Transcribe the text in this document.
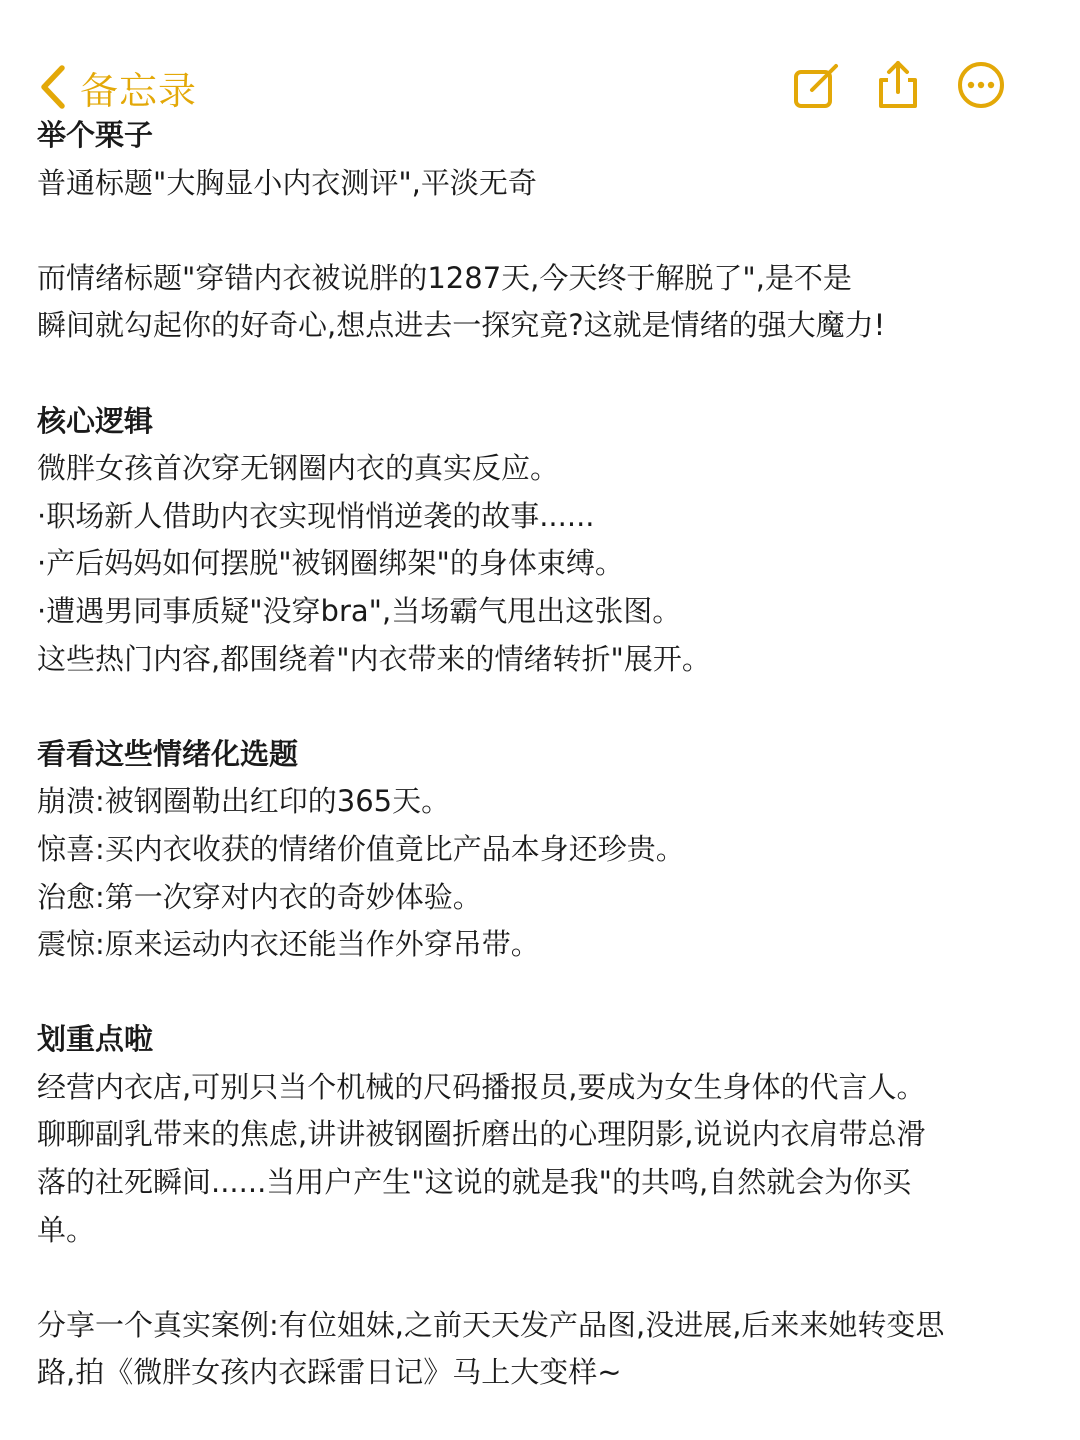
备忘录

举个栗子

普通标题"大胸显小内衣测评",平淡无奇

而情绪标题"穿错内衣被说胖的1287天,今天终于解脱了",是不是

瞬间就勾起你的好奇心,想点进去一探究竟?这就是情绪的强大魔力!

核心逻辑

微胖女孩首次穿无钢圈内衣的真实反应。

·职场新人借助内衣实现悄悄逆袭的故事......

·产后妈妈如何摆脱"被钢圈绑架"的身体束缚。

·遭遇男同事质疑"没穿bra",当场霸气甩出这张图。

这些热门内容,都围绕着"内衣带来的情绪转折"展开。

看看这些情绪化选题

崩溃:被钢圈勒出红印的365天。

惊喜:买内衣收获的情绪价值竟比产品本身还珍贵。

治愈:第一次穿对内衣的奇妙体验。

震惊:原来运动内衣还能当作外穿吊带。

划重点啦

经营内衣店,可别只当个机械的尺码播报员,要成为女生身体的代言人。

聊聊副乳带来的焦虑,讲讲被钢圈折磨出的心理阴影,说说内衣肩带总滑

落的社死瞬间......当用户产生"这说的就是我"的共鸣,自然就会为你买

单。

分享一个真实案例:有位姐妹,之前天天发产品图,没进展,后来来她转变思

路,拍《微胖女孩内衣踩雷日记》马上大变样~
